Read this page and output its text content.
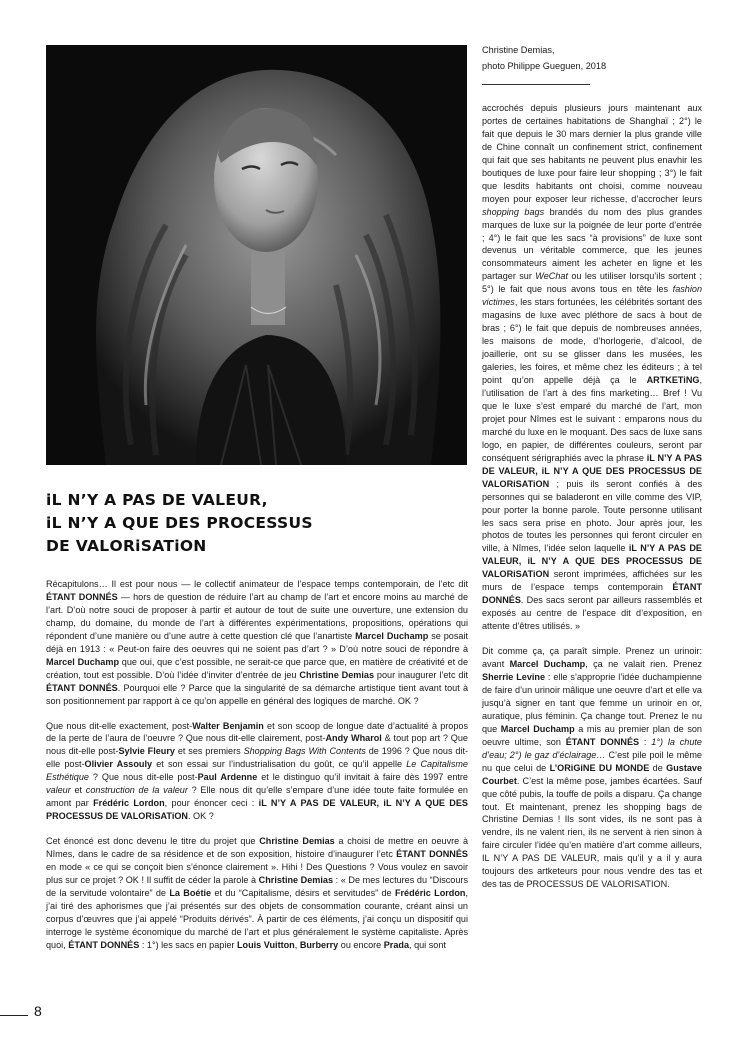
Christine Demias,
photo Philippe Gueguen, 2018
iL N’Y A PAS DE VALEUR,
iL N’Y A QUE DES PRОCESSUS
DE VALОRiSATiОN

Récapitulons… Il est pour nous — le collectif animateur de l’espace temps contemporain, de l’etc dit ÉTANT DОNNÉS — hors de question de réduire l’art au champ de l’art et encore moins au marché de l’art. D’où notre souci de proposer à partir et autour de tout de suite une ouverture, une extension du champ, du domaine, du monde de l’art à différentes expérimentations, propositions, opérations qui répondent d’une manière ou d’une autre à cette question clé que l’anartiste Marcel Duchamp se posait déjà en 1913 : « Peut-on faire des oeuvres qui ne soient pas d’art ? » D’où notre souci de répondre à Marcel Duchamp que oui, que c’est possible, ne serait-ce que parce que, en matière de créativité et de création, tout est possible. D’où l’idée d’inviter d’entrée de jeu Christine Demias pour inaugurer l’etc dit ÉTANT DОNNÉS. Pourquoi elle ? Parce que la singularité de sa démarche artistique tient avant tout à son positionnement par rapport à ce qu’on appelle en général des logiques de marché. OK ?

Que nous dit-elle exactement, post-Walter Benjamin et son scoop de longue date d’actualité à propos de la perte de l’aura de l’oeuvre ? Que nous dit-elle clairement, post-Andy Wharol & tout pop art ? Que nous dit-elle post-Sylvie Fleury et ses premiers Shopping Bags With Contents de 1996 ? Que nous dit-elle post-Olivier Assouly et son essai sur l’industrialisation du goût, ce qu’il appelle Le Capitalisme Esthétique ? Que nous dit-elle post-Paul Ardenne et le distinguo qu’il invitait à faire dès 1997 entre valeur et construction de la valeur ? Elle nous dit qu’elle s’empare d’une idée toute faite formulée en amont par Frédéric Lordon, pour énoncer ceci : iL N’Y A PAS DE VALEUR, iL N’Y A QUE DES PRОCESSUS DE VALОRiSATiОN. OK ?

Cet énoncé est donc devenu le titre du projet que Christine Demias a choisi de mettre en oeuvre à Nîmes, dans le cadre de sa résidence et de son exposition, histoire d’inaugurer l’etc ÉTANT DОNNÉS en mode « ce qui se conçoit bien s’énonce clairement ». Hihi ! Des Questions ? Vous voulez en savoir plus sur ce projet ? OK ! Il suffit de céder la parole à Christine Demias : « De mes lectures du “Discours de la servitude volontaire” de La Boétie et du “Capitalisme, désirs et servitudes” de Frédéric Lordon, j’ai tiré des aphorismes que j’ai présentés sur des objets de consommation courante, créant ainsi un corpus d’œuvres que j’ai appelé “Produits dérivés”. À partir de ces éléments, j’ai conçu un dispositif qui interroge le système économique du marché de l’art et plus généralement le système capitaliste. Après quoi, ÉTANT DОNNÉS : 1°) les sacs en papier Louis Vuitton, Burberry ou encore Prada, qui sont

accrochés depuis plusieurs jours maintenant aux portes de certaines habitations de Shanghaï ; 2°) le fait que depuis le 30 mars dernier la plus grande ville de Chine connaît un confinement strict, confinement qui fait que ses habitants ne peuvent plus enavhir les boutiques de luxe pour faire leur shopping ; 3°) le fait que lesdits habitants ont choisi, comme nouveau moyen pour exposer leur richesse, d’accrocher leurs shopping bags brandés du nom des plus grandes marques de luxe sur la poignée de leur porte d’entrée ; 4°) le fait que les sacs “à provisions” de luxe sont devenus un véritable commerce, que les jeunes consommateurs aiment les acheter en ligne et les partager sur WeChat ou les utiliser lorsqu’ils sortent ; 5°) le fait que nous avons tous en tête les fashion victimes, les stars fortunées, les célébrités sortant des magasins de luxe avec pléthore de sacs à bout de bras ; 6°) le fait que depuis de nombreuses années, les maisons de mode, d’horlogerie, d’alcool, de joaillerie, ont su se glisser dans les musées, les galeries, les foires, et même chez les éditeurs ; à tel point qu’on appelle déjà ça le ARTKETiNG, l’utilisation de l’art à des fins marketing… Bref ! Vu que le luxe s’est emparé du marché de l’art, mon projet pour Nîmes est le suivant : emparons nous du marché du luxe en le moquant. Des sacs de luxe sans logo, en papier, de différentes couleurs, seront par conséquent sérigraphiés avec la phrase iL N’Y A PAS DE VALEUR, iL N’Y A QUE DES PRОCESSUS DE VALОRiSATiОN ; puis ils seront confiés à des personnes qui se baladeront en ville comme des VIP, pour porter la bonne parole. Toute personne utilisant les sacs sera prise en photo. Jour après jour, les photos de toutes les personnes qui feront circuler en ville, à Nîmes, l’idée selon laquelle iL N’Y A PAS DE VALEUR, iL N’Y A QUE DES PRОCESSUS DE VALОRiSATiОN seront imprimées, affichées sur les murs de l’espace temps contemporain ÉTANT DОNNÉS. Des sacs seront par ailleurs rassemblés et exposés au centre de l’espace dit d’exposition, en attente d’êtres utilisés. »

Dit comme ça, ça paraît simple. Prenez un urinoir: avant Marcel Duchamp, ça ne valait rien. Prenez Sherrie Levine : elle s’approprie l’idée duchampienne de faire d’un urinoir mâlique une oeuvre d’art et elle va jusqu’à signer en tant que femme un urinoir en or, auratique, plus féminin. Ça change tout. Prenez le nu que Marcel Duchamp a mis au premier plan de son oeuvre ultime, son ÉTANT DОNNÉS : 1°) la chute d’eau; 2°) le gaz d’éclairage… C’est pile poil le même nu que celui de L’ОRiGiNE DU MОNDE de Gustave Courbet. C’est la même pose, jambes écartées. Sauf que côté pubis, la touffe de poils a disparu. Ça change tout. Et maintenant, prenez les shopping bags de Christine Demias ! Ils sont vides, ils ne sont pas à vendre, ils ne valent rien, ils ne servent à rien sinon à faire circuler l’idée qu’en matière d’art comme ailleurs, IL N’Y A PAS DE VALEUR, mais qu’il y a il y aura toujours des artketeurs pour nous vendre des tas et des tas de PROCESSUS DE VALORISATION.

8
